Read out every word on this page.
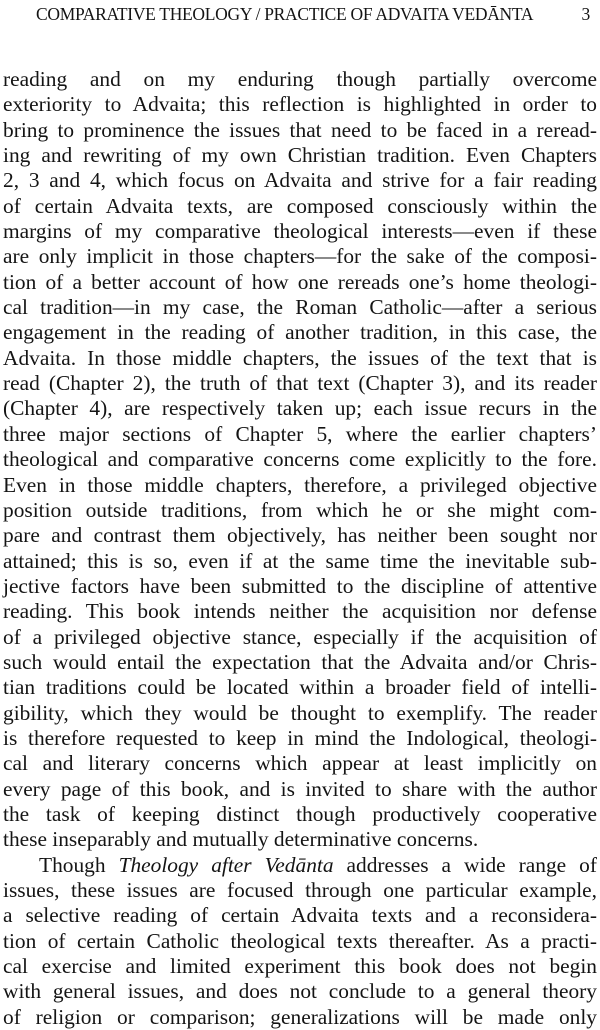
COMPARATIVE THEOLOGY / PRACTICE OF ADVAITA VEDĀNTA	3
reading and on my enduring though partially overcome
exteriority to Advaita; this reflection is highlighted in order to
bring to prominence the issues that need to be faced in a reread-
ing and rewriting of my own Christian tradition. Even Chapters
2, 3 and 4, which focus on Advaita and strive for a fair reading
of certain Advaita texts, are composed consciously within the
margins of my comparative theological interests—even if these
are only implicit in those chapters—for the sake of the composi-
tion of a better account of how one rereads one’s home theologi-
cal tradition—in my case, the Roman Catholic—after a serious
engagement in the reading of another tradition, in this case, the
Advaita. In those middle chapters, the issues of the text that is
read (Chapter 2), the truth of that text (Chapter 3), and its reader
(Chapter 4), are respectively taken up; each issue recurs in the
three major sections of Chapter 5, where the earlier chapters’
theological and comparative concerns come explicitly to the fore.
Even in those middle chapters, therefore, a privileged objective
position outside traditions, from which he or she might com-
pare and contrast them objectively, has neither been sought nor
attained; this is so, even if at the same time the inevitable sub-
jective factors have been submitted to the discipline of attentive
reading. This book intends neither the acquisition nor defense
of a privileged objective stance, especially if the acquisition of
such would entail the expectation that the Advaita and/or Chris-
tian traditions could be located within a broader field of intelli-
gibility, which they would be thought to exemplify. The reader
is therefore requested to keep in mind the Indological, theologi-
cal and literary concerns which appear at least implicitly on
every page of this book, and is invited to share with the author
the task of keeping distinct though productively cooperative
these inseparably and mutually determinative concerns.
Though Theology after Vedānta addresses a wide range of
issues, these issues are focused through one particular example,
a selective reading of certain Advaita texts and a reconsidera-
tion of certain Catholic theological texts thereafter. As a practi-
cal exercise and limited experiment this book does not begin
with general issues, and does not conclude to a general theory
of religion or comparison; generalizations will be made only
